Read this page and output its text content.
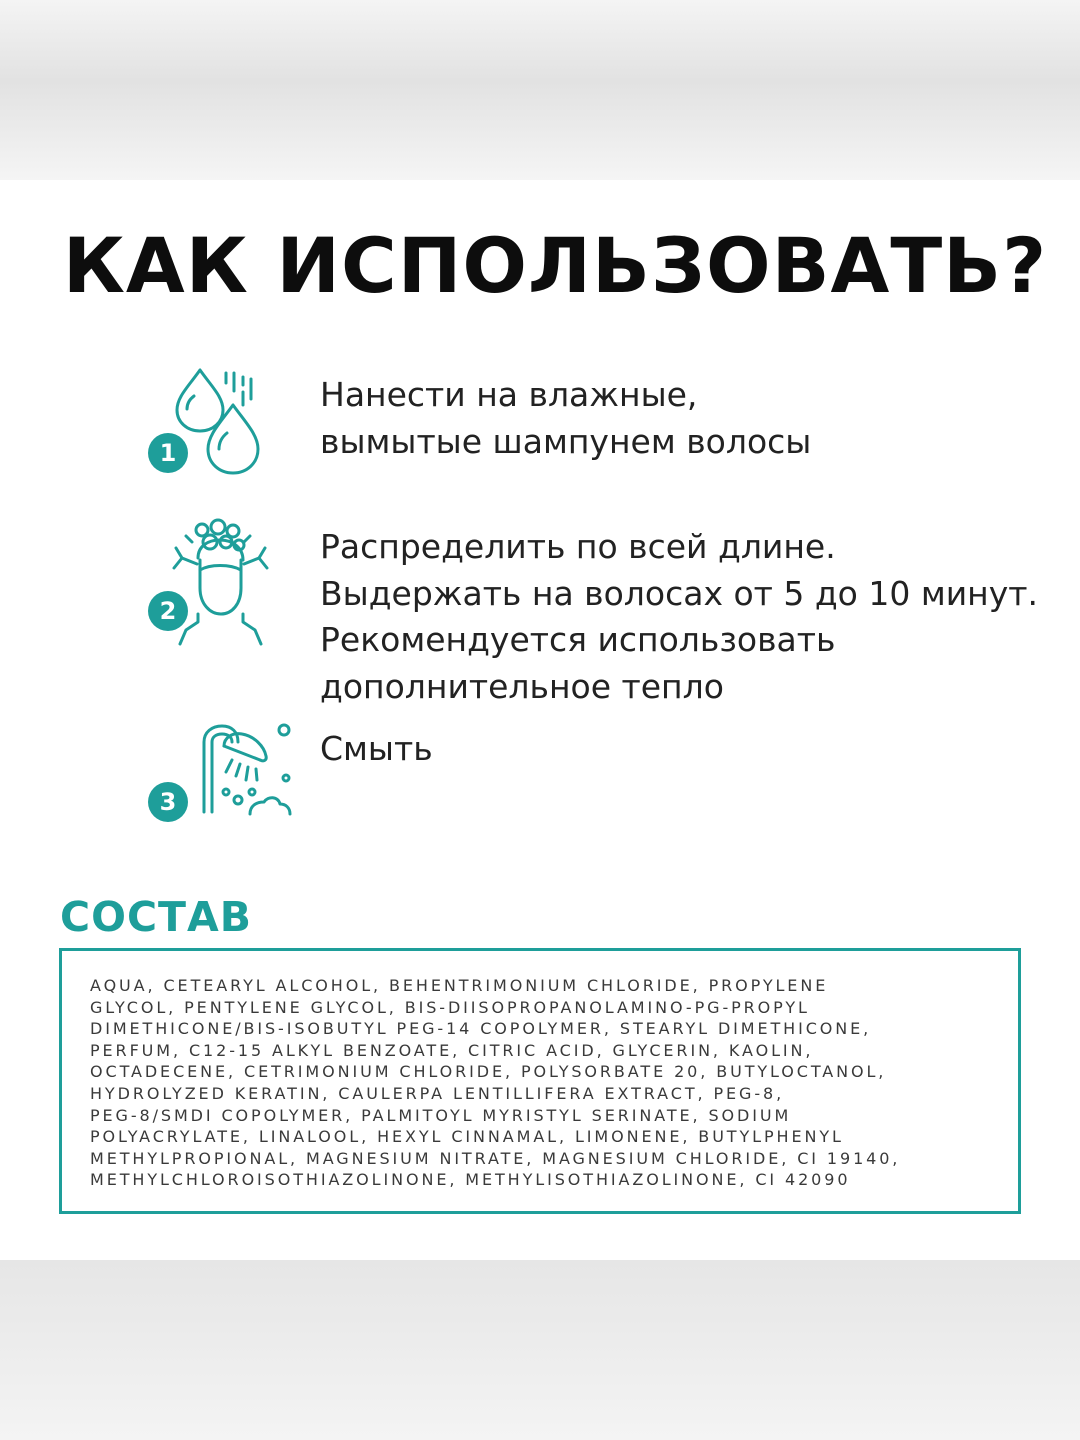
КАК ИСПОЛЬЗОВАТЬ?
1
Нанести на влажные,
вымытые шампунем волосы
2
Распределить по всей длине.
Выдержать на волосах от 5 до 10 минут.
Рекомендуется использовать
дополнительное тепло
3
Смыть
СОСТАВ
AQUA, CETEARYL ALCOHOL, BEHENTRIMONIUM CHLORIDE, PROPYLENE
GLYCOL, PENTYLENE GLYCOL, BIS-DIISOPROPANOLAMINO-PG-PROPYL
DIMETHICONE/BIS-ISOBUTYL PEG-14 COPOLYMER, STEARYL DIMETHICONE,
PERFUM, C12-15 ALKYL BENZOATE, CITRIC ACID, GLYCERIN, KAOLIN,
OCTADECENE, CETRIMONIUM CHLORIDE, POLYSORBATE 20, BUTYLOCTANOL,
HYDROLYZED KERATIN, CAULERPA LENTILLIFERA EXTRACT, PEG-8,
PEG-8/SMDI COPOLYMER, PALMITOYL MYRISTYL SERINATE, SODIUM
POLYACRYLATE, LINALOOL, HEXYL CINNAMAL, LIMONENE, BUTYLPHENYL
METHYLPROPIONAL, MAGNESIUM NITRATE, MAGNESIUM CHLORIDE, CI 19140,
METHYLCHLOROISOTHIAZOLINONE, METHYLISOTHIAZOLINONE, CI 42090
